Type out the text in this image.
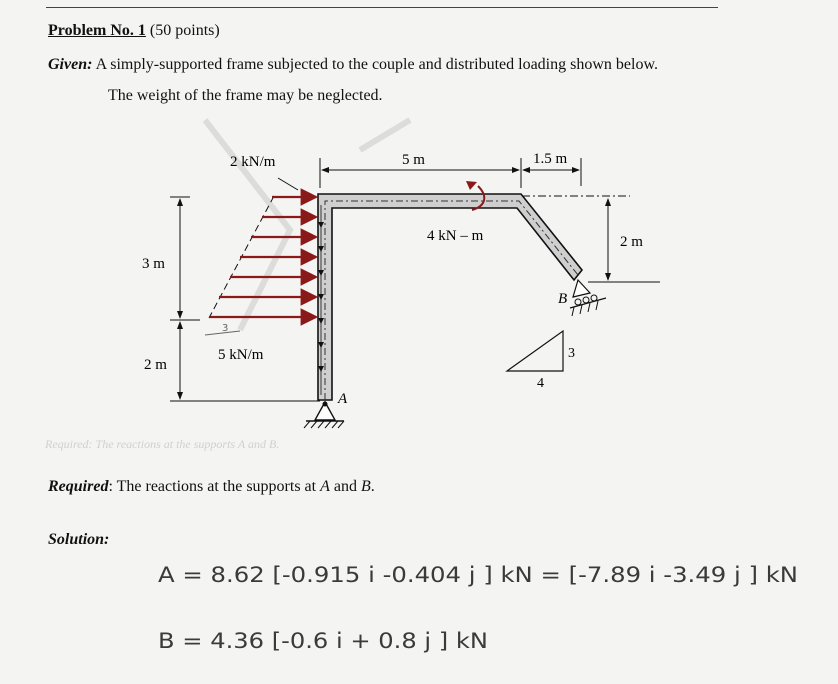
Problem No. 1 (50 points)
Given: A simply-supported frame subjected to the couple and distributed loading shown below.
The weight of the frame may be neglected.
2 kN/m
5 kN/m
3
5 m	1.5 m
2 m
3 m
2 m
4 kN – m
A
B
3
4
Required: The reactions at the supports A and B.
A = 8.62 [-0.915 i -0.404 j ] kN = [-7.89 i -3.49 j ] kN
B = 4.36 [-0.6 i + 0.8 j ] kN
Required: The reactions at the supports at A and B.
Solution:
